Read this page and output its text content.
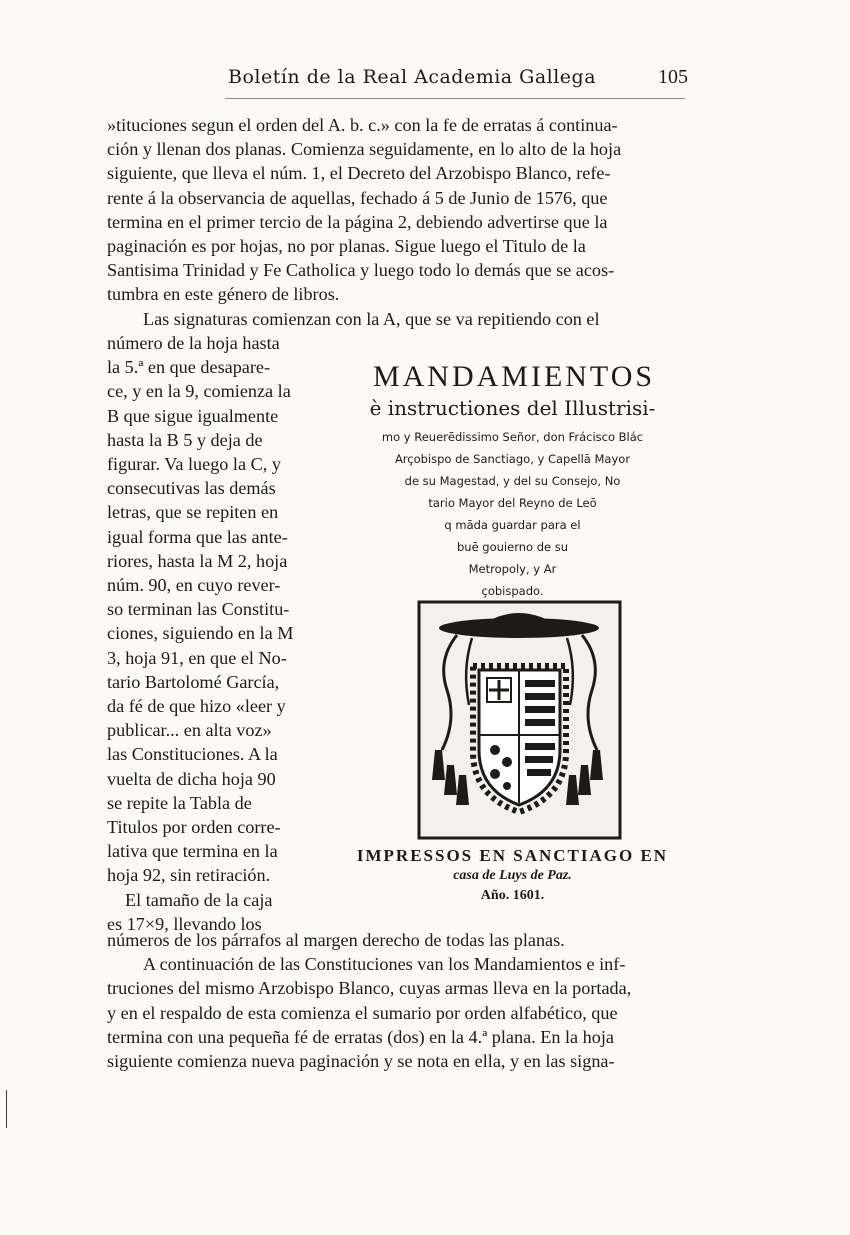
Boletín de la Real Academia Gallega	105

»tituciones segun el orden del A. b. c.» con la fe de erratas á continua-

ción y llenan dos planas. Comienza seguidamente, en lo alto de la hoja

siguiente, que lleva el núm. 1, el Decreto del Arzobispo Blanco, refe-

rente á la observancia de aquellas, fechado á 5 de Junio de 1576, que

termina en el primer tercio de la página 2, debiendo advertirse que la

paginación es por hojas, no por planas. Sigue luego el Titulo de la

Santisima Trinidad y Fe Catholica y luego todo lo demás que se acos-

tumbra en este género de libros.

Las signaturas comienzan con la A, que se va repitiendo con el

número de la hoja hasta

la 5.ª en que desapare-

ce, y en la 9, comienza la

B que sigue igualmente

hasta la B 5 y deja de

figurar. Va luego la C, y

consecutivas las demás

letras, que se repiten en

igual forma que las ante-

riores, hasta la M 2, hoja

núm. 90, en cuyo rever-

so terminan las Constitu-

ciones, siguiendo en la M

3, hoja 91, en que el No-

tario Bartolomé García,

da fé de que hizo «leer y

publicar... en alta voz»

las Constituciones. A la

vuelta de dicha hoja 90

se repite la Tabla de

Titulos por orden corre-

lativa que termina en la

hoja 92, sin retiración.

El tamaño de la caja

es 17×9, llevando los

MANDAMIENTOS
è instructiones del Illustrisi-
mo y Reuerēdissimo Señor, don Frácisco Blác
Arçobispo de Sanctiago, y Capellā Mayor
de su Magestad, y del su Consejo, No
tario Mayor del Reyno de Leō
q māda guardar para el
buē gouierno de su
Metropoly, y Ar
çobispado.
IMPRESSOS EN SANCTIAGO EN
casa de Luys de Paz.
Año. 1601.

números de los párrafos al margen derecho de todas las planas.

A continuación de las Constituciones van los Mandamientos e inf-

truciones del mismo Arzobispo Blanco, cuyas armas lleva en la portada,

y en el respaldo de esta comienza el sumario por orden alfabético, que

termina con una pequeña fé de erratas (dos) en la 4.ª plana. En la hoja

siguiente comienza nueva paginación y se nota en ella, y en las signa-
